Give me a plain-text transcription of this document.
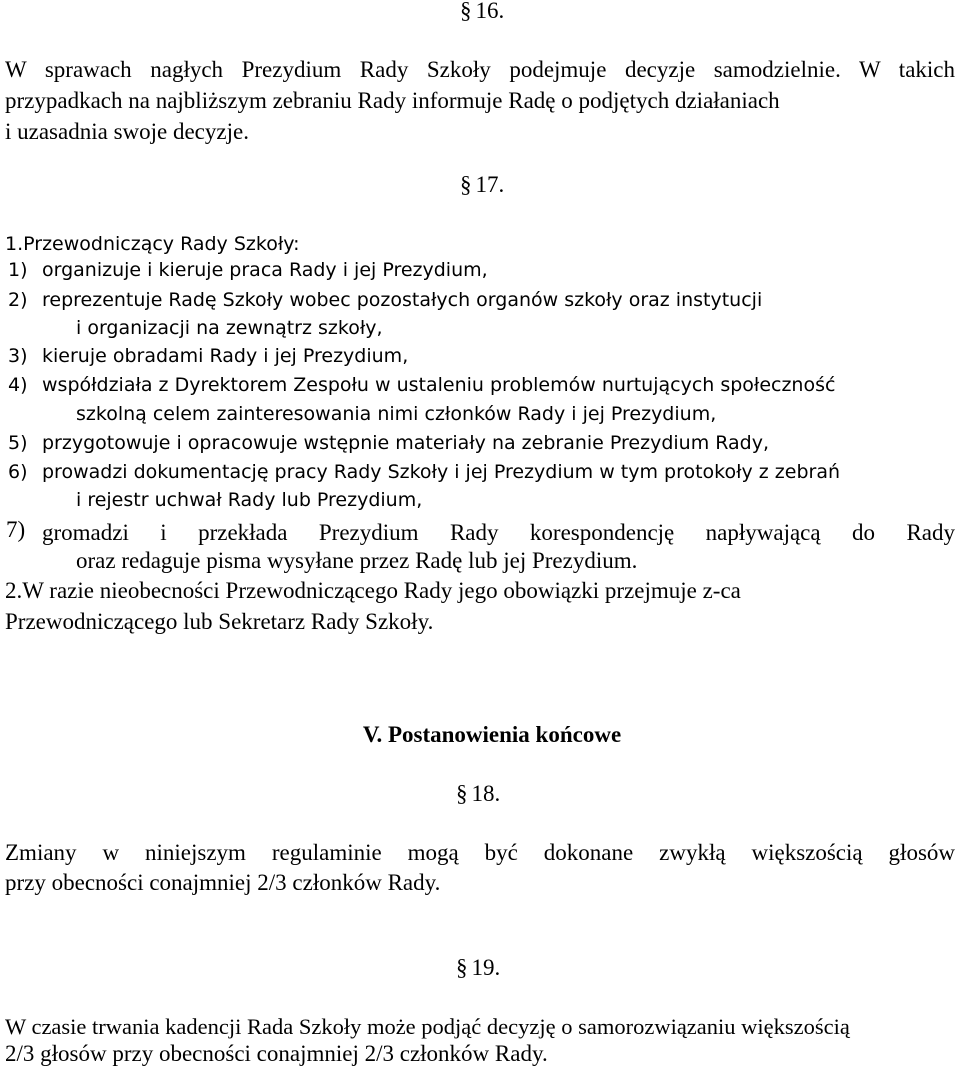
§ 16.

W sprawach nagłych Prezydium Rady Szkoły podejmuje decyzje samodzielnie. W takich

przypadkach na najbliższym zebraniu Rady informuje Radę o podjętych działaniach

i uzasadnia swoje decyzje.

§ 17.
1.Przewodniczący Rady Szkoły:
1) organizuje i kieruje praca Rady i jej Prezydium,
2) reprezentuje Radę Szkoły wobec pozostałych organów szkoły oraz instytucji
i organizacji na zewnątrz szkoły,
3) kieruje obradami Rady i jej Prezydium,
4) współdziała z Dyrektorem Zespołu w ustaleniu problemów nurtujących społeczność
szkolną celem zainteresowania nimi członków Rady i jej Prezydium,
5) przygotowuje i opracowuje wstępnie materiały na zebranie Prezydium Rady,
6) prowadzi dokumentację pracy Rady Szkoły i jej Prezydium w tym protokoły z zebrań
i rejestr uchwał Rady lub Prezydium,
7) gromadzi i przekłada Prezydium Rady korespondencję napływającą do Rady

oraz redaguje pisma wysyłane przez Radę lub jej Prezydium.

2.W razie nieobecności Przewodniczącego Rady jego obowiązki przejmuje z-ca

Przewodniczącego lub Sekretarz Rady Szkoły.

V. Postanowienia końcowe
§ 18.

Zmiany w niniejszym regulaminie mogą być dokonane zwykłą większością głosów

przy obecności conajmniej 2/3 członków Rady.

§ 19.

W czasie trwania kadencji Rada Szkoły może podjąć decyzję o samorozwiązaniu większością

2/3 głosów przy obecności conajmniej 2/3 członków Rady.
